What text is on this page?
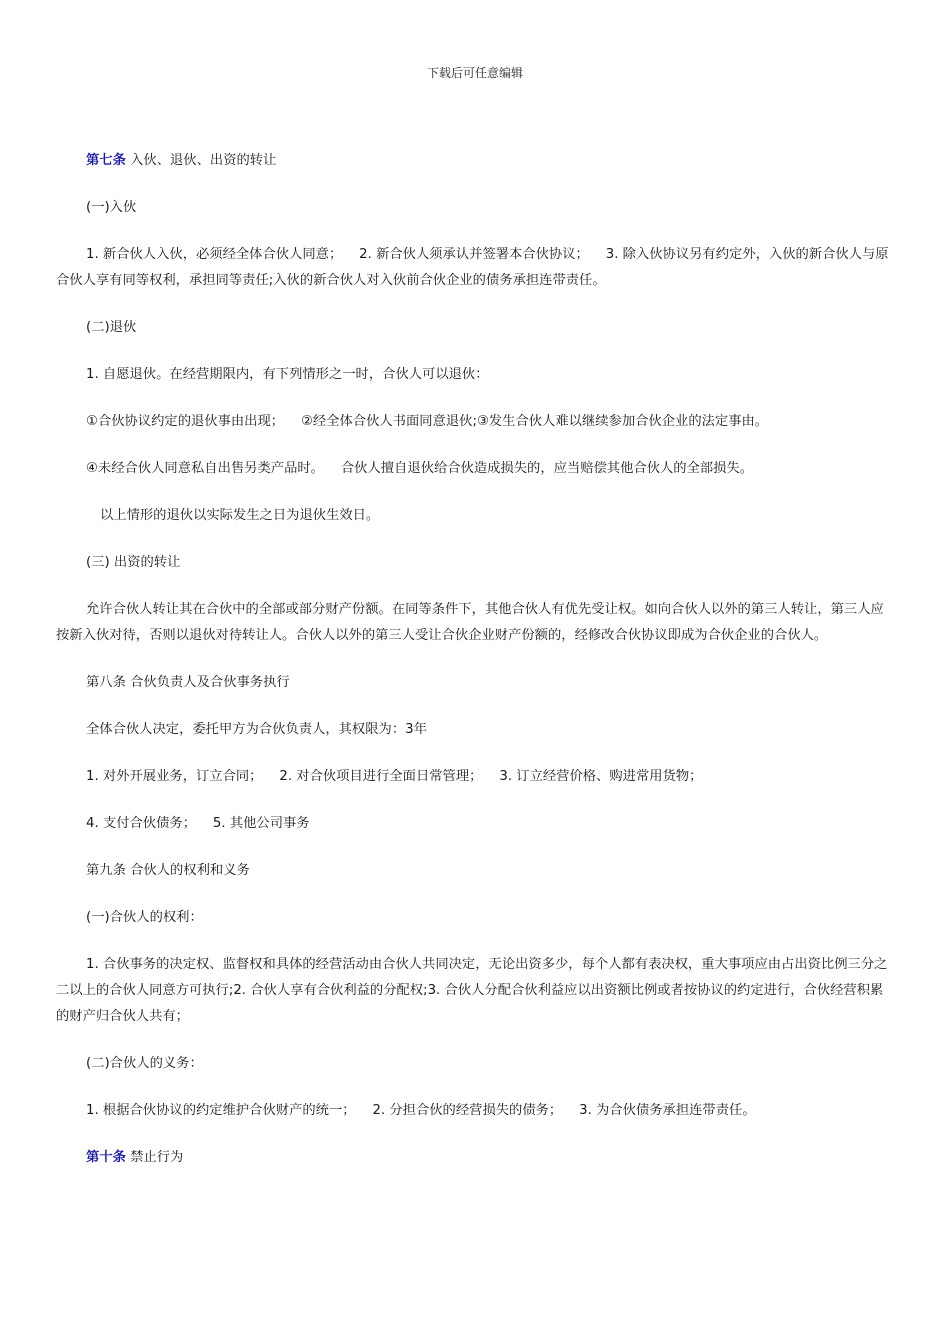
下载后可任意编辑

第七条 入伙、退伙、出资的转让

(一)入伙

1. 新合伙人入伙，必须经全体合伙人同意；    2. 新合伙人须承认并签署本合伙协议；    3. 除入伙协议另有约定外，入伙的新合伙人与原合伙人享有同等权利，承担同等责任;入伙的新合伙人对入伙前合伙企业的债务承担连带责任。

(二)退伙

1. 自愿退伙。在经营期限内，有下列情形之一时，合伙人可以退伙：

①合伙协议约定的退伙事由出现；    ②经全体合伙人书面同意退伙;③发生合伙人难以继续参加合伙企业的法定事由。

④未经合伙人同意私自出售另类产品时。    合伙人擅自退伙给合伙造成损失的，应当赔偿其他合伙人的全部损失。

以上情形的退伙以实际发生之日为退伙生效日。

(三) 出资的转让

允许合伙人转让其在合伙中的全部或部分财产份额。在同等条件下，其他合伙人有优先受让权。如向合伙人以外的第三人转让，第三人应按新入伙对待，否则以退伙对待转让人。合伙人以外的第三人受让合伙企业财产份额的，经修改合伙协议即成为合伙企业的合伙人。

第八条 合伙负责人及合伙事务执行

全体合伙人决定，委托甲方为合伙负责人，其权限为：3年

1. 对外开展业务，订立合同；    2. 对合伙项目进行全面日常管理；    3. 订立经营价格、购进常用货物；

4. 支付合伙债务；    5. 其他公司事务

第九条 合伙人的权利和义务

(一)合伙人的权利：

1. 合伙事务的决定权、监督权和具体的经营活动由合伙人共同决定，无论出资多少，每个人都有表决权，重大事项应由占出资比例三分之二以上的合伙人同意方可执行;2. 合伙人享有合伙利益的分配权;3. 合伙人分配合伙利益应以出资额比例或者按协议的约定进行，合伙经营积累的财产归合伙人共有；

(二)合伙人的义务：

1. 根据合伙协议的约定维护合伙财产的统一；    2. 分担合伙的经营损失的债务；    3. 为合伙债务承担连带责任。

第十条 禁止行为
